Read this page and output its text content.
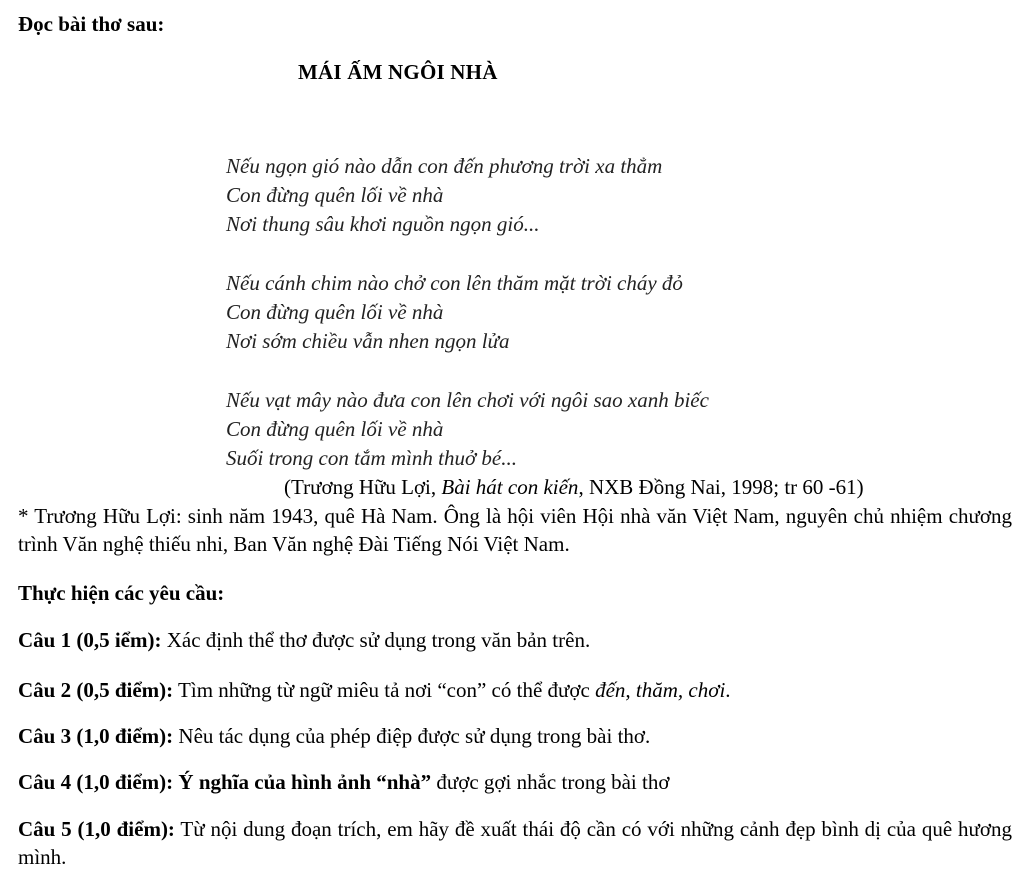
Đọc bài thơ sau:
MÁI ẤM NGÔI NHÀ
Nếu ngọn gió nào dẫn con đến phương trời xa thẳm
Con đừng quên lối về nhà
Nơi thung sâu khơi nguồn ngọn gió...
Nếu cánh chim nào chở con lên thăm mặt trời cháy đỏ
Con đừng quên lối về nhà
Nơi sớm chiều vẫn nhen ngọn lửa
Nếu vạt mây nào đưa con lên chơi với ngôi sao xanh biếc
Con đừng quên lối về nhà
Suối trong con tắm mình thuở bé...
(Trương Hữu Lợi, Bài hát con kiến, NXB Đồng Nai, 1998; tr 60 -61)
* Trương Hữu Lợi: sinh năm 1943, quê Hà Nam. Ông là hội viên Hội nhà văn Việt Nam, nguyên chủ nhiệm chương trình Văn nghệ thiếu nhi, Ban Văn nghệ Đài Tiếng Nói Việt Nam.
Thực hiện các yêu cầu:
Câu 1 (0,5 iểm): Xác định thể thơ được sử dụng trong văn bản trên.
Câu 2 (0,5 điểm): Tìm những từ ngữ miêu tả nơi “con” có thể được đến, thăm, chơi.
Câu 3 (1,0 điểm): Nêu tác dụng của phép điệp được sử dụng trong bài thơ.
Câu 4 (1,0 điểm): Ý nghĩa của hình ảnh “nhà” được gợi nhắc trong bài thơ
Câu 5 (1,0 điểm): Từ nội dung đoạn trích, em hãy đề xuất thái độ cần có với những cảnh đẹp bình dị của quê hương mình.
